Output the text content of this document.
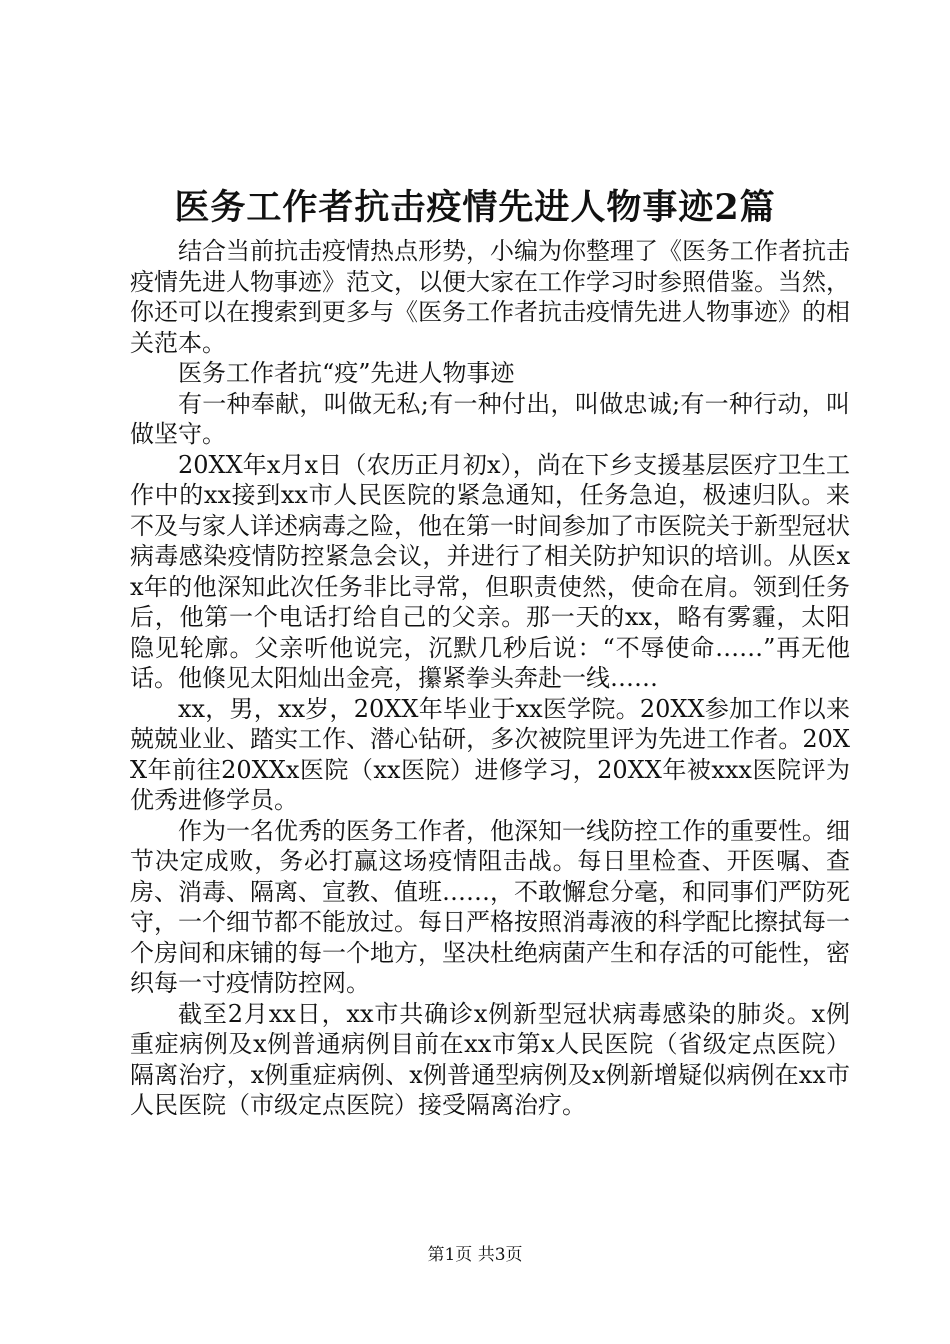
医务工作者抗击疫情先进人物事迹2篇

结合当前抗击疫情热点形势，小编为你整理了《医务工作者抗击疫情先进人物事迹》范文，以便大家在工作学习时参照借鉴。当然，你还可以在搜索到更多与《医务工作者抗击疫情先进人物事迹》的相关范本。

医务工作者抗“疫”先进人物事迹

有一种奉献，叫做无私;有一种付出，叫做忠诚;有一种行动，叫做坚守。

20XX年x月x日（农历正月初x），尚在下乡支援基层医疗卫生工作中的xx接到xx市人民医院的紧急通知，任务急迫，极速归队。来不及与家人详述病毒之险，他在第一时间参加了市医院关于新型冠状病毒感染疫情防控紧急会议，并进行了相关防护知识的培训。从医xx年的他深知此次任务非比寻常，但职责使然，使命在肩。领到任务后，他第一个电话打给自己的父亲。那一天的xx，略有雾霾，太阳隐见轮廓。父亲听他说完，沉默几秒后说：“不辱使命……”再无他话。他倏见太阳灿出金亮，攥紧拳头奔赴一线……

xx，男，xx岁，20XX年毕业于xx医学院。20XX参加工作以来兢兢业业、踏实工作、潜心钻研，多次被院里评为先进工作者。20XX年前往20XXx医院（xx医院）进修学习，20XX年被xxx医院评为优秀进修学员。

作为一名优秀的医务工作者，他深知一线防控工作的重要性。细节决定成败，务必打赢这场疫情阻击战。每日里检查、开医嘱、查房、消毒、隔离、宣教、值班……，不敢懈怠分毫，和同事们严防死守，一个细节都不能放过。每日严格按照消毒液的科学配比擦拭每一个房间和床铺的每一个地方，坚决杜绝病菌产生和存活的可能性，密织每一寸疫情防控网。

截至2月xx日，xx市共确诊x例新型冠状病毒感染的肺炎。x例重症病例及x例普通病例目前在xx市第x人民医院（省级定点医院）隔离治疗，x例重症病例、x例普通型病例及x例新增疑似病例在xx市人民医院（市级定点医院）接受隔离治疗。

第1页 共3页
